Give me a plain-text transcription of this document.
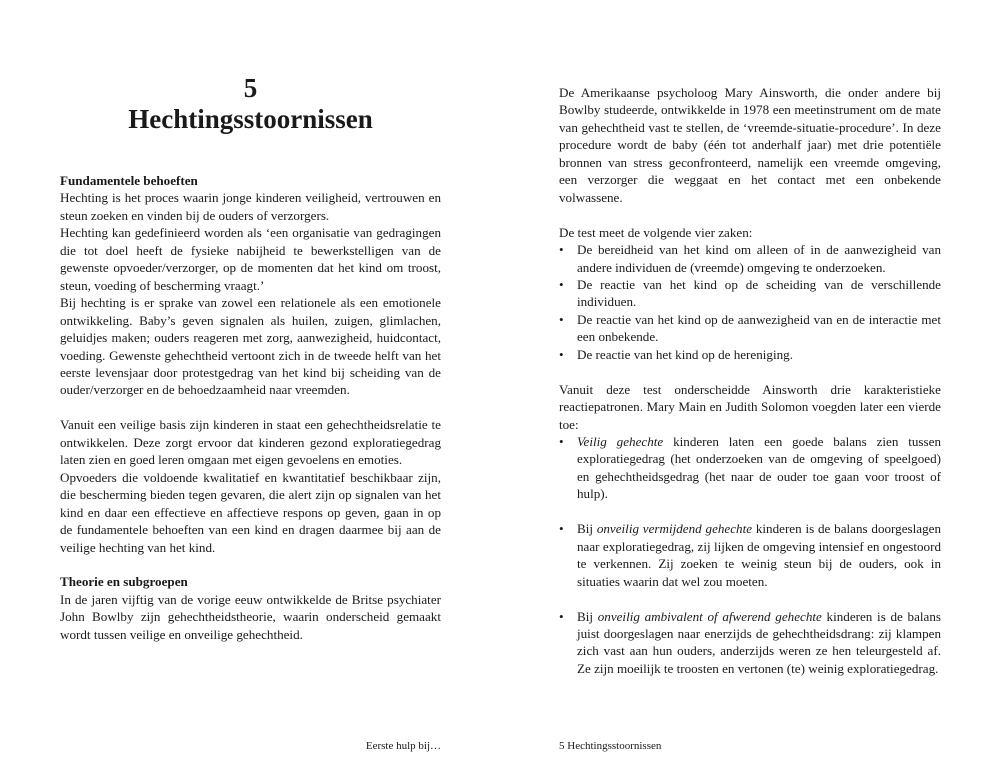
5
Hechtingsstoornissen
Fundamentele behoeften

Hechting is het proces waarin jonge kinderen veiligheid, vertrouwen en steun zoeken en vinden bij de ouders of verzorgers.

Hechting kan gedefinieerd worden als ‘een organisatie van gedragingen die tot doel heeft de fysieke nabijheid te bewerkstelligen van de gewenste opvoeder/verzorger, op de momenten dat het kind om troost, steun, voeding of bescherming vraagt.’

Bij hechting is er sprake van zowel een relationele als een emotionele ontwikkeling. Baby’s geven signalen als huilen, zuigen, glimlachen, geluidjes maken; ouders reageren met zorg, aanwezigheid, huidcontact, voeding. Gewenste gehechtheid vertoont zich in de tweede helft van het eerste levensjaar door protestgedrag van het kind bij scheiding van de ouder/verzorger en de behoedzaamheid naar vreemden.

Vanuit een veilige basis zijn kinderen in staat een gehechtheidsrelatie te ontwikkelen. Deze zorgt ervoor dat kinderen gezond exploratiegedrag laten zien en goed leren omgaan met eigen gevoelens en emoties.

Opvoeders die voldoende kwalitatief en kwantitatief beschikbaar zijn, die bescherming bieden tegen gevaren, die alert zijn op signalen van het kind en daar een effectieve en affectieve respons op geven, gaan in op de fundamentele behoeften van een kind en dragen daarmee bij aan de veilige hechting van het kind.

Theorie en subgroepen

In de jaren vijftig van de vorige eeuw ontwikkelde de Britse psychiater John Bowlby zijn gehechtheidstheorie, waarin onderscheid gemaakt wordt tussen veilige en onveilige gehechtheid.

Eerste hulp bij…

De Amerikaanse psycholoog Mary Ainsworth, die onder andere bij Bowlby studeerde, ontwikkelde in 1978 een meetinstrument om de mate van gehechtheid vast te stellen, de ‘vreemde-situatie-procedure’. In deze procedure wordt de baby (één tot anderhalf jaar) met drie potentiële bronnen van stress geconfronteerd, namelijk een vreemde omgeving, een verzorger die weggaat en het contact met een onbekende volwassene.

De test meet de volgende vier zaken:

• De bereidheid van het kind om alleen of in de aanwezigheid van andere individuen de (vreemde) omgeving te onderzoeken.
• De reactie van het kind op de scheiding van de verschillende individuen.
• De reactie van het kind op de aanwezigheid van en de interactie met een onbekende.
• De reactie van het kind op de hereniging.

Vanuit deze test onderscheidde Ainsworth drie karakteristieke reactiepatronen. Mary Main en Judith Solomon voegden later een vierde toe:

• Veilig gehechte kinderen laten een goede balans zien tussen exploratiegedrag (het onderzoeken van de omgeving of speelgoed) en gehechtheidsgedrag (het naar de ouder toe gaan voor troost of hulp).
• Bij onveilig vermijdend gehechte kinderen is de balans doorgeslagen naar exploratiegedrag, zij lijken de omgeving intensief en ongestoord te verkennen. Zij zoeken te weinig steun bij de ouders, ook in situaties waarin dat wel zou moeten.
• Bij onveilig ambivalent of afwerend gehechte kinderen is de balans juist doorgeslagen naar enerzijds de gehechtheidsdrang: zij klampen zich vast aan hun ouders, anderzijds weren ze hen teleurgesteld af. Ze zijn moeilijk te troosten en vertonen (te) weinig exploratiegedrag.
5 Hechtingsstoornissen
